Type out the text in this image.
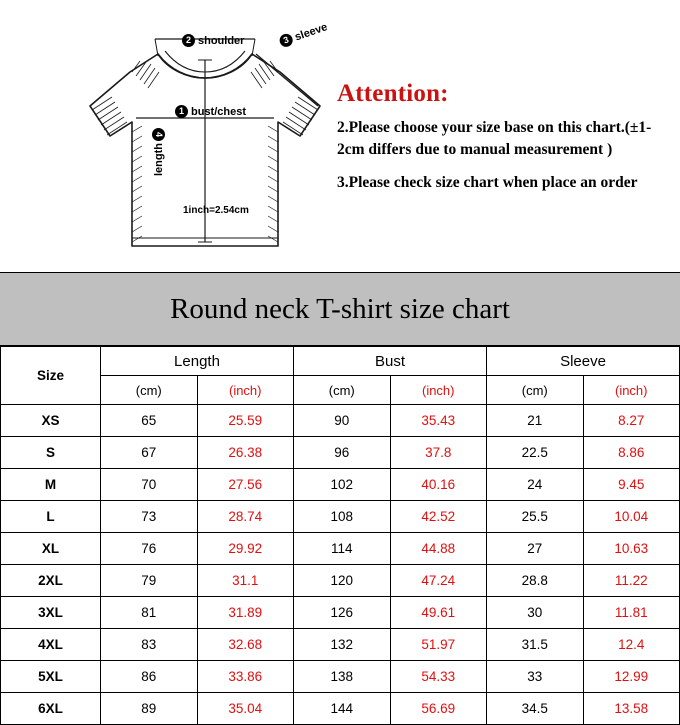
2 shoulder	3 sleeve
1 bust/chest
4
length
1inch=2.54cm
Attention:

2.Please choose your size base on this chart.(±1-2cm differs due to manual measurement )

3.Please check size chart when place an order

Round neck T-shirt size chart
Size	Length		Bust		Sleeve	
	(cm)	(inch)	(cm)	(inch)	(cm)	(inch)
XS	65	25.59	90	35.43	21	8.27
S	67	26.38	96	37.8	22.5	8.86
M	70	27.56	102	40.16	24	9.45
L	73	28.74	108	42.52	25.5	10.04
XL	76	29.92	114	44.88	27	10.63
2XL	79	31.1	120	47.24	28.8	11.22
3XL	81	31.89	126	49.61	30	11.81
4XL	83	32.68	132	51.97	31.5	12.4
5XL	86	33.86	138	54.33	33	12.99
6XL	89	35.04	144	56.69	34.5	13.58
